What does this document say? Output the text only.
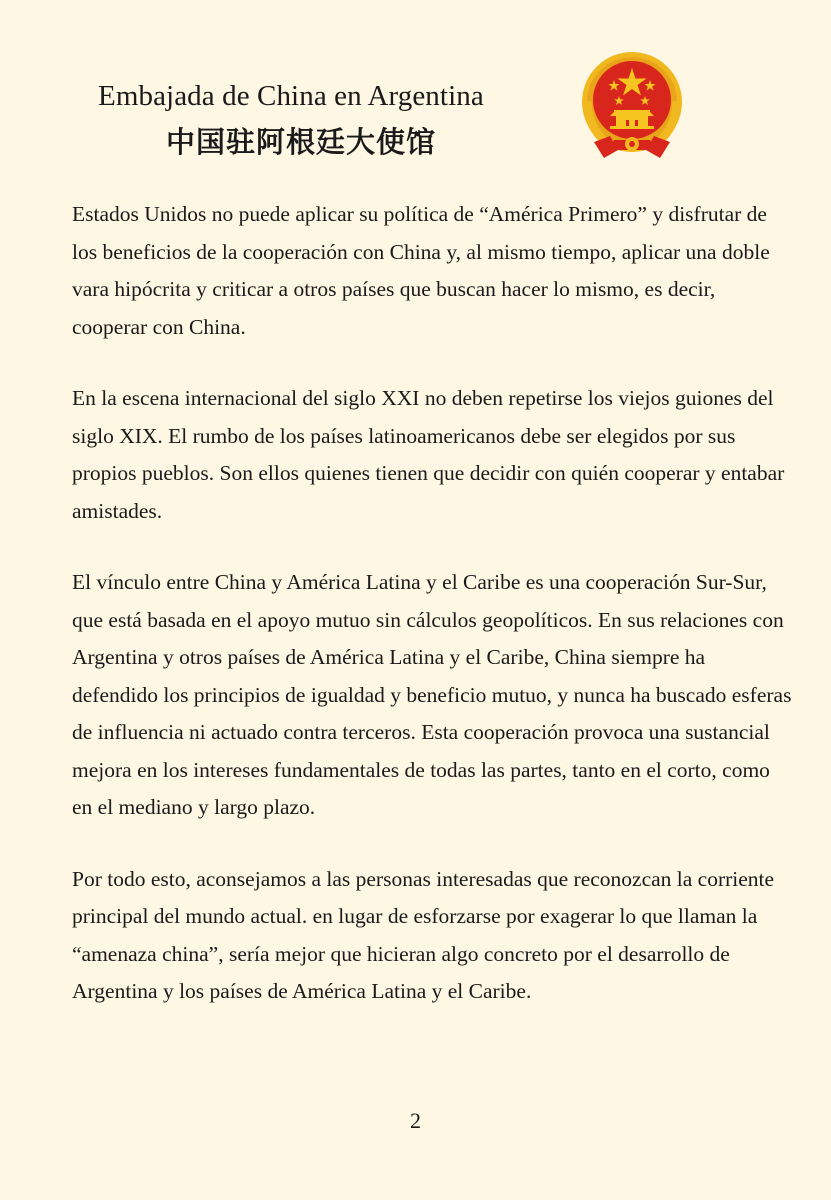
Embajada de China en Argentina
中国驻阿根廷大使馆

Estados Unidos no puede aplicar su política de “América Primero” y disfrutar de los beneficios de la cooperación con China y, al mismo tiempo, aplicar una doble vara hipócrita y criticar a otros países que buscan hacer lo mismo, es decir, cooperar con China.

En la escena internacional del siglo XXI no deben repetirse los viejos guiones del siglo XIX. El rumbo de los países latinoamericanos debe ser elegidos por sus propios pueblos. Son ellos quienes tienen que decidir con quién cooperar y entabar amistades.

El vínculo entre China y América Latina y el Caribe es una cooperación Sur-Sur, que está basada en el apoyo mutuo sin cálculos geopolíticos. En sus relaciones con Argentina y otros países de América Latina y el Caribe, China siempre ha defendido los principios de igualdad y beneficio mutuo, y nunca ha buscado esferas de influencia ni actuado contra terceros. Esta cooperación provoca una sustancial mejora en los intereses fundamentales de todas las partes, tanto en el corto, como en el mediano y largo plazo.

Por todo esto, aconsejamos a las personas interesadas que reconozcan la corriente principal del mundo actual. en lugar de esforzarse por exagerar lo que llaman la “amenaza china”, sería mejor que hicieran algo concreto por el desarrollo de Argentina y los países de América Latina y el Caribe.

2
